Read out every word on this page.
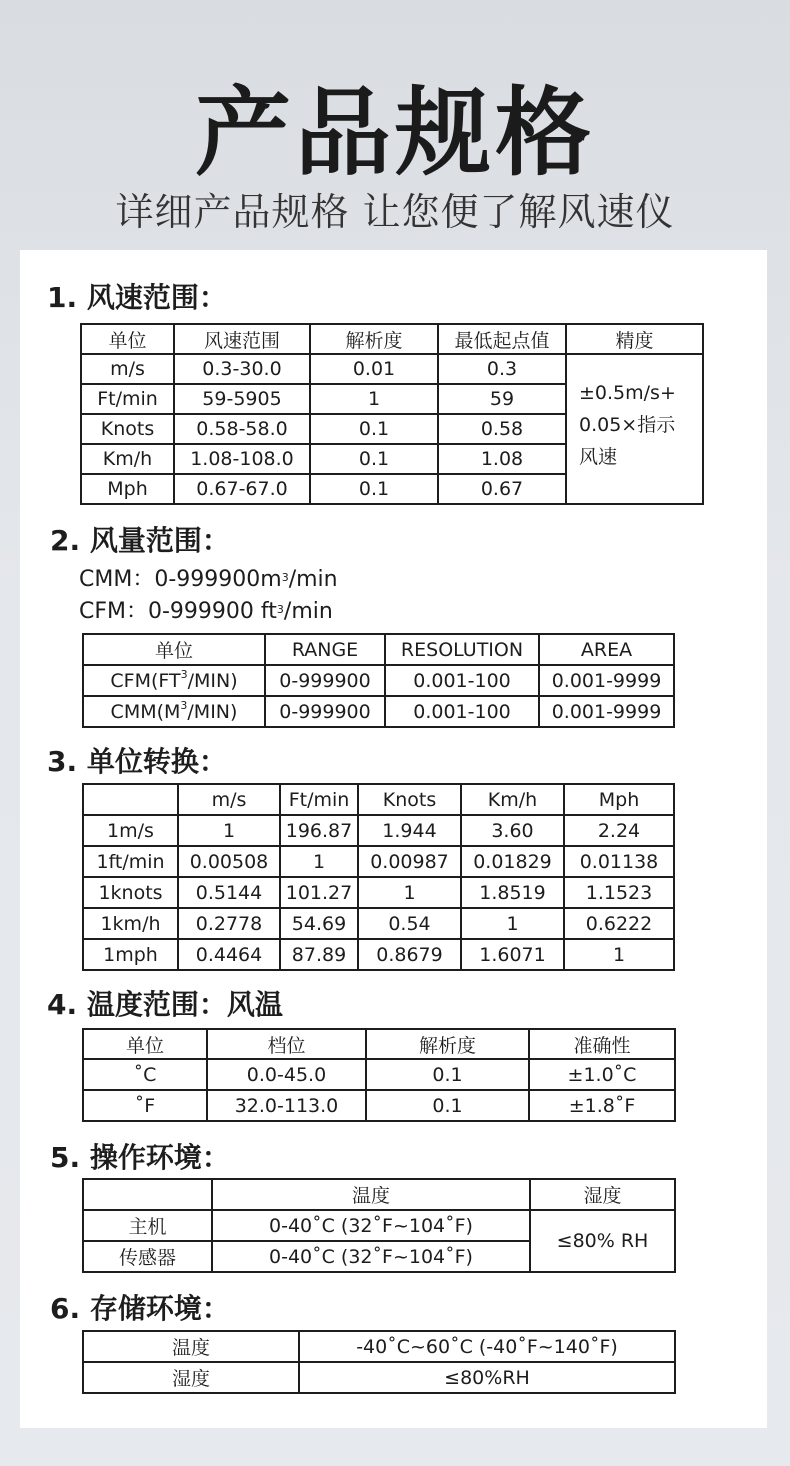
产品规格
详细产品规格 让您便了解风速仪
1. 风速范围：
单位	风速范围	解析度	最低起点值	精度
m/s	0.3-30.0	0.01	0.3	±0.5m/s+
0.05×指示
风速

Ft/min	59-5905	1	59	
Knots	0.58-58.0	0.1	0.58	
Km/h	1.08-108.0	0.1	1.08	
Mph	0.67-67.0	0.1	0.67	
2. 风量范围：
CMM：$0-999900m^3/\min$
CFM：0-999900 $ft^3/\min$
单位	RANGE	RESOLUTION	AREA
$CFM(FT^3/MIN)$	0-999900	0.001-100	0.001-9999
$CMM(M^3/MIN)$	0-999900	0.001-100	0.001-9999
3. 单位转换：
	m/s	Ft/min	Knots	Km/h	Mph
1m/s	1	196.87	1.944	3.60	2.24
1ft/min	0.00508	1	0.00987	0.01829	0.01138
1knots	0.5144	101.27	1	1.8519	1.1523
1km/h	0.2778	54.69	0.54	1	0.6222
1mph	0.4464	87.89	0.8679	1.6071	1
4. 温度范围：风温
单位	档位	解析度	准确性
˚C	0.0-45.0	0.1	±1.0˚C
˚F	32.0-113.0	0.1	±1.8˚F
5. 操作环境：
	温度	湿度
主机	0-40˚C (32˚F~104˚F)	≤80% RH
传感器	0-40˚C (32˚F~104˚F)	
6. 存储环境：
温度	-40˚C~60˚C (-40˚F~140˚F)
湿度	≤80%RH
